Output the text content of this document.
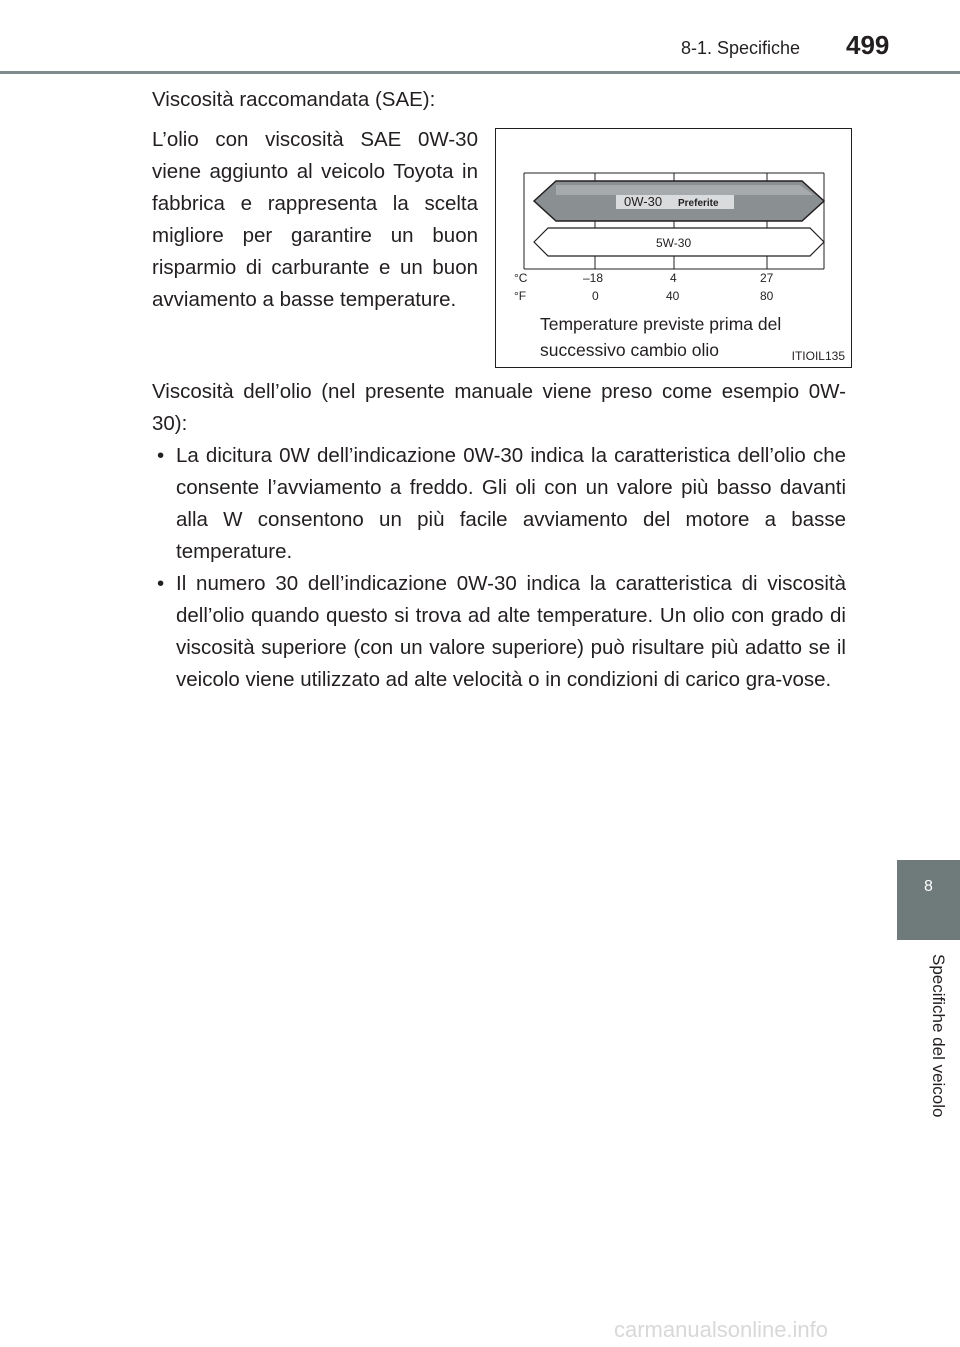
8-1. Specifiche 499
8
Specifiche del veicolo
Viscosità raccomandata (SAE):
L’olio con viscosità SAE 0W-30 viene aggiunto al veicolo Toyota in fabbrica e rappresenta la scelta migliore per garantire un buon risparmio di carburante e un buon
avviamento a basse temperature.
0W-30 Preferite
5W-30
°C
°F
–18	4	27
0	40	80
Temperature previste prima del successivo cambio olio	ITIOIL135
Viscosità dell’olio (nel presente manuale viene preso come esempio 0W-30):
• La dicitura 0W dell’indicazione 0W-30 indica la caratteristica dell’olio che consente l’avviamento a freddo. Gli oli con un valore più basso davanti alla W consentono un più facile avviamento del motore a basse temperature.
• Il numero 30 dell’indicazione 0W-30 indica la caratteristica di viscosità dell’olio quando questo si trova ad alte temperature. Un olio con grado di viscosità superiore (con un valore superiore) può risultare più adatto se il veicolo viene utilizzato ad alte velocità o in condizioni di carico gra-vose.
carmanualsonline.info
